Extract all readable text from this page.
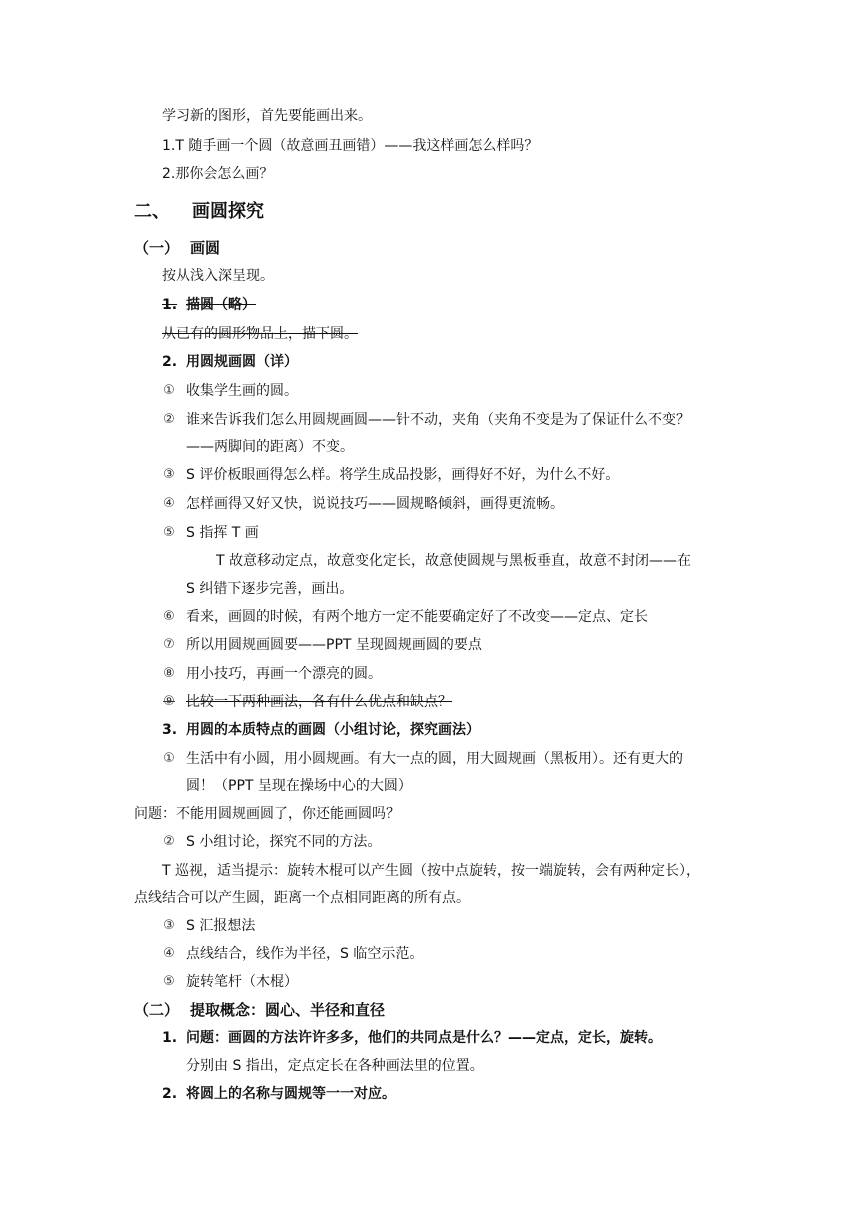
学习新的图形，首先要能画出来。
1.T 随手画一个圆（故意画丑画错）——我这样画怎么样吗？
2.那你会怎么画？
二、 画圆探究
（一） 画圆
按从浅入深呈现。
1. 描圆（略）
从已有的圆形物品上，描下圆。
2. 用圆规画圆（详）
① 收集学生画的圆。
② 谁来告诉我们怎么用圆规画圆——针不动，夹角（夹角不变是为了保证什么不变？
——两脚间的距离）不变。
③ S 评价板眼画得怎么样。将学生成品投影，画得好不好，为什么不好。
④ 怎样画得又好又快，说说技巧——圆规略倾斜，画得更流畅。
⑤ S 指挥 T 画
T 故意移动定点，故意变化定长，故意使圆规与黑板垂直，故意不封闭——在
S 纠错下逐步完善，画出。
⑥ 看来，画圆的时候，有两个地方一定不能要确定好了不改变——定点、定长
⑦ 所以用圆规画圆要——PPT 呈现圆规画圆的要点
⑧ 用小技巧，再画一个漂亮的圆。
⑨ 比较一下两种画法，各有什么优点和缺点？
3. 用圆的本质特点的画圆（小组讨论，探究画法）
① 生活中有小圆，用小圆规画。有大一点的圆，用大圆规画（黑板用）。还有更大的
圆！（PPT 呈现在操场中心的大圆）
问题：不能用圆规画圆了，你还能画圆吗？
② S 小组讨论，探究不同的方法。
T 巡视，适当提示：旋转木棍可以产生圆（按中点旋转，按一端旋转，会有两种定长），
点线结合可以产生圆，距离一个点相同距离的所有点。
③ S 汇报想法
④ 点线结合，线作为半径，S 临空示范。
⑤ 旋转笔杆（木棍）
（二） 提取概念：圆心、半径和直径
1. 问题：画圆的方法许许多多，他们的共同点是什么？——定点，定长，旋转。
分别由 S 指出，定点定长在各种画法里的位置。
2. 将圆上的名称与圆规等一一对应。
